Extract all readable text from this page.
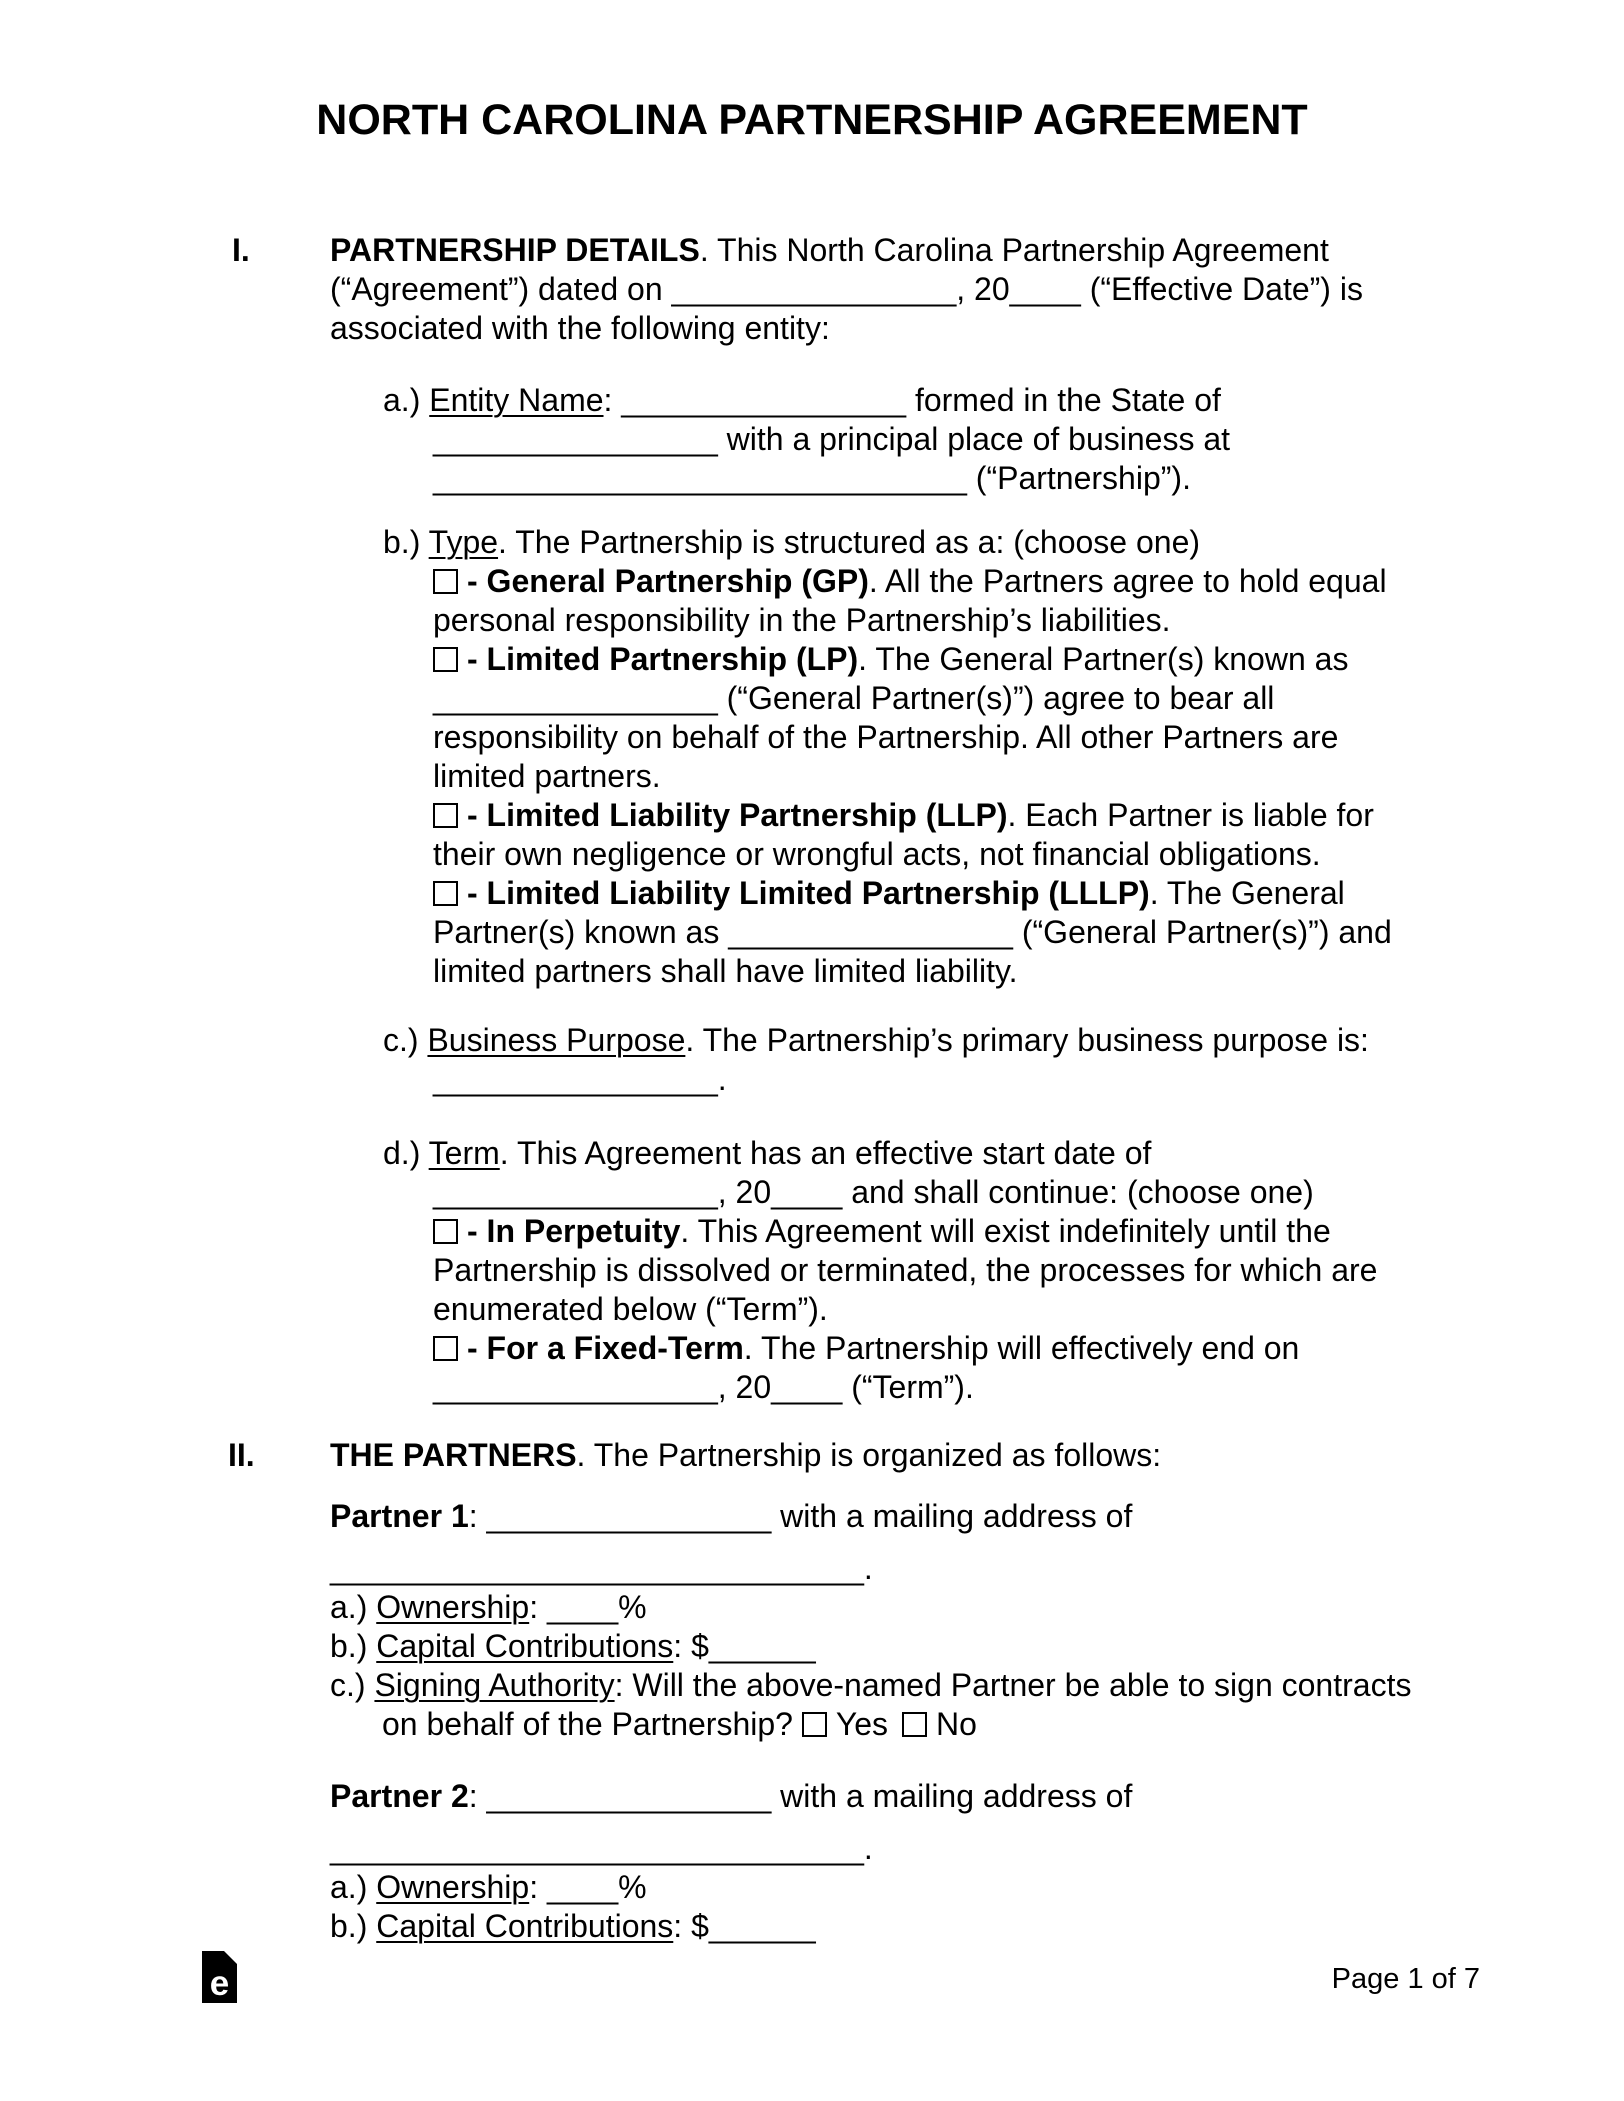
NORTH CAROLINA PARTNERSHIP AGREEMENT
I.	PARTNERSHIP DETAILS. This North Carolina Partnership Agreement
(“Agreement”) dated on ________________, 20____ (“Effective Date”) is
associated with the following entity:
a.) Entity Name: ________________ formed in the State of
________________ with a principal place of business at
______________________________ (“Partnership”).
b.) Type. The Partnership is structured as a: (choose one)
- General Partnership (GP). All the Partners agree to hold equal
personal responsibility in the Partnership’s liabilities.
- Limited Partnership (LP). The General Partner(s) known as
________________ (“General Partner(s)”) agree to bear all
responsibility on behalf of the Partnership. All other Partners are
limited partners.
- Limited Liability Partnership (LLP). Each Partner is liable for
their own negligence or wrongful acts, not financial obligations.
- Limited Liability Limited Partnership (LLLP). The General
Partner(s) known as ________________ (“General Partner(s)”) and
limited partners shall have limited liability.
c.) Business Purpose. The Partnership’s primary business purpose is:
________________.
d.) Term. This Agreement has an effective start date of
________________, 20____ and shall continue: (choose one)
- In Perpetuity. This Agreement will exist indefinitely until the
Partnership is dissolved or terminated, the processes for which are
enumerated below (“Term”).
- For a Fixed-Term. The Partnership will effectively end on
________________, 20____ (“Term”).
II. THE PARTNERS. The Partnership is organized as follows:
Partner 1: ________________ with a mailing address of
______________________________.
a.) Ownership: ____%
b.) Capital Contributions: $______
c.) Signing Authority: Will the above-named Partner be able to sign contracts
on behalf of the Partnership? Yes No
Partner 2: ________________ with a mailing address of
______________________________.
a.) Ownership: ____%
b.) Capital Contributions: $______
e	Page 1 of 7
